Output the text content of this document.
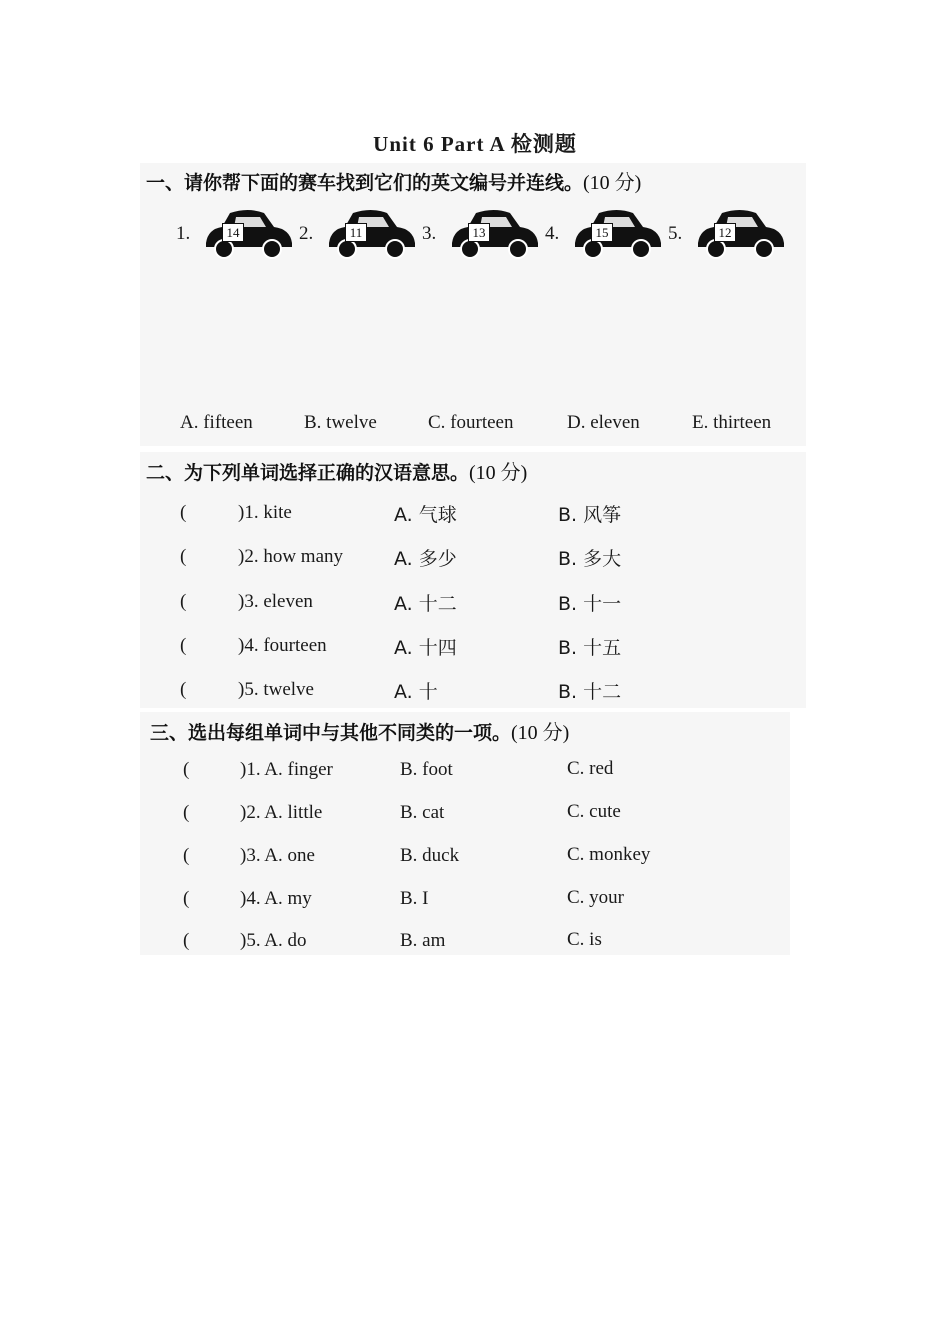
Unit 6 Part A 检测题
一、请你帮下面的赛车找到它们的英文编号并连线。(10 分)
1.	14	2.	11	3.	13	4.	15	5.	12
A. fifteen	B. twelve	C. fourteen	D. eleven	E. thirteen
二、为下列单词选择正确的汉语意思。(10 分)
(	)1. kite	A. 气球	B. 风筝
(	)2. how many	A. 多少	B. 多大
(	)3. eleven	A. 十二	B. 十一
(	)4. fourteen	A. 十四	B. 十五
(	)5. twelve	A. 十	B. 十二
三、选出每组单词中与其他不同类的一项。(10 分)
(	)1. A. finger	B. foot	C. red
(	)2. A. little	B. cat	C. cute
(	)3. A. one	B. duck	C. monkey
(	)4. A. my	B. I	C. your
(	)5. A. do	B. am	C. is
